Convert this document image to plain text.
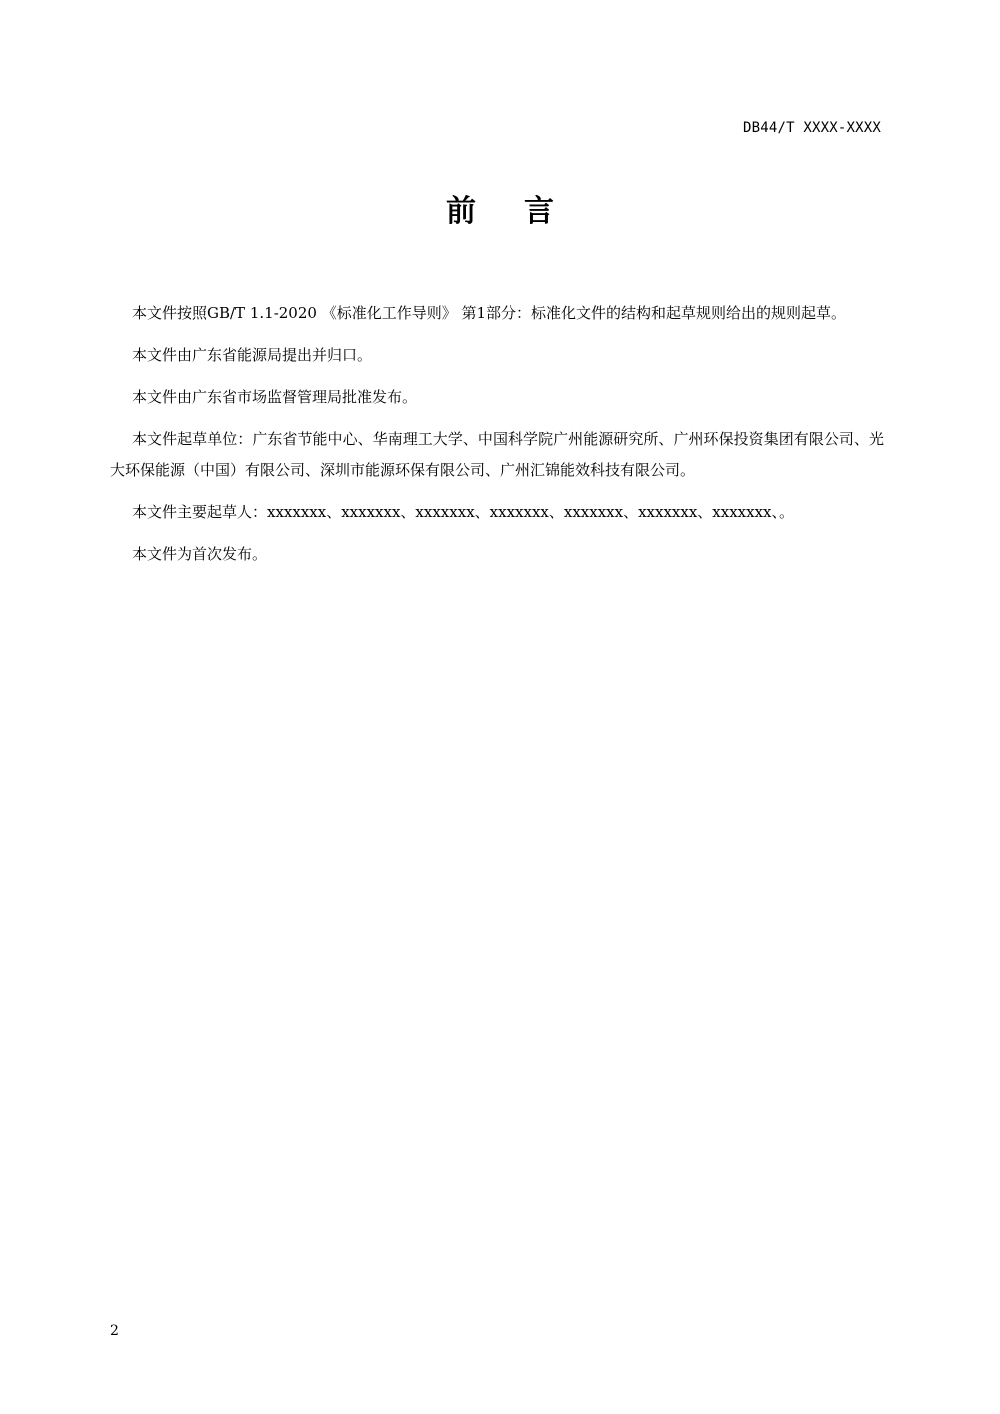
DB44/T XXXX-XXXX
前言

本文件按照GB/T 1.1-2020 《标准化工作导则》 第1部分：标准化文件的结构和起草规则给出的规则起草。

本文件由广东省能源局提出并归口。

本文件由广东省市场监督管理局批准发布。

本文件起草单位：广东省节能中心、华南理工大学、中国科学院广州能源研究所、广州环保投资集团有限公司、光大环保能源（中国）有限公司、深圳市能源环保有限公司、广州汇锦能效科技有限公司。

本文件主要起草人：xxxxxxx、xxxxxxx、xxxxxxx、xxxxxxx、xxxxxxx、xxxxxxx、xxxxxxx、。

本文件为首次发布。

2
